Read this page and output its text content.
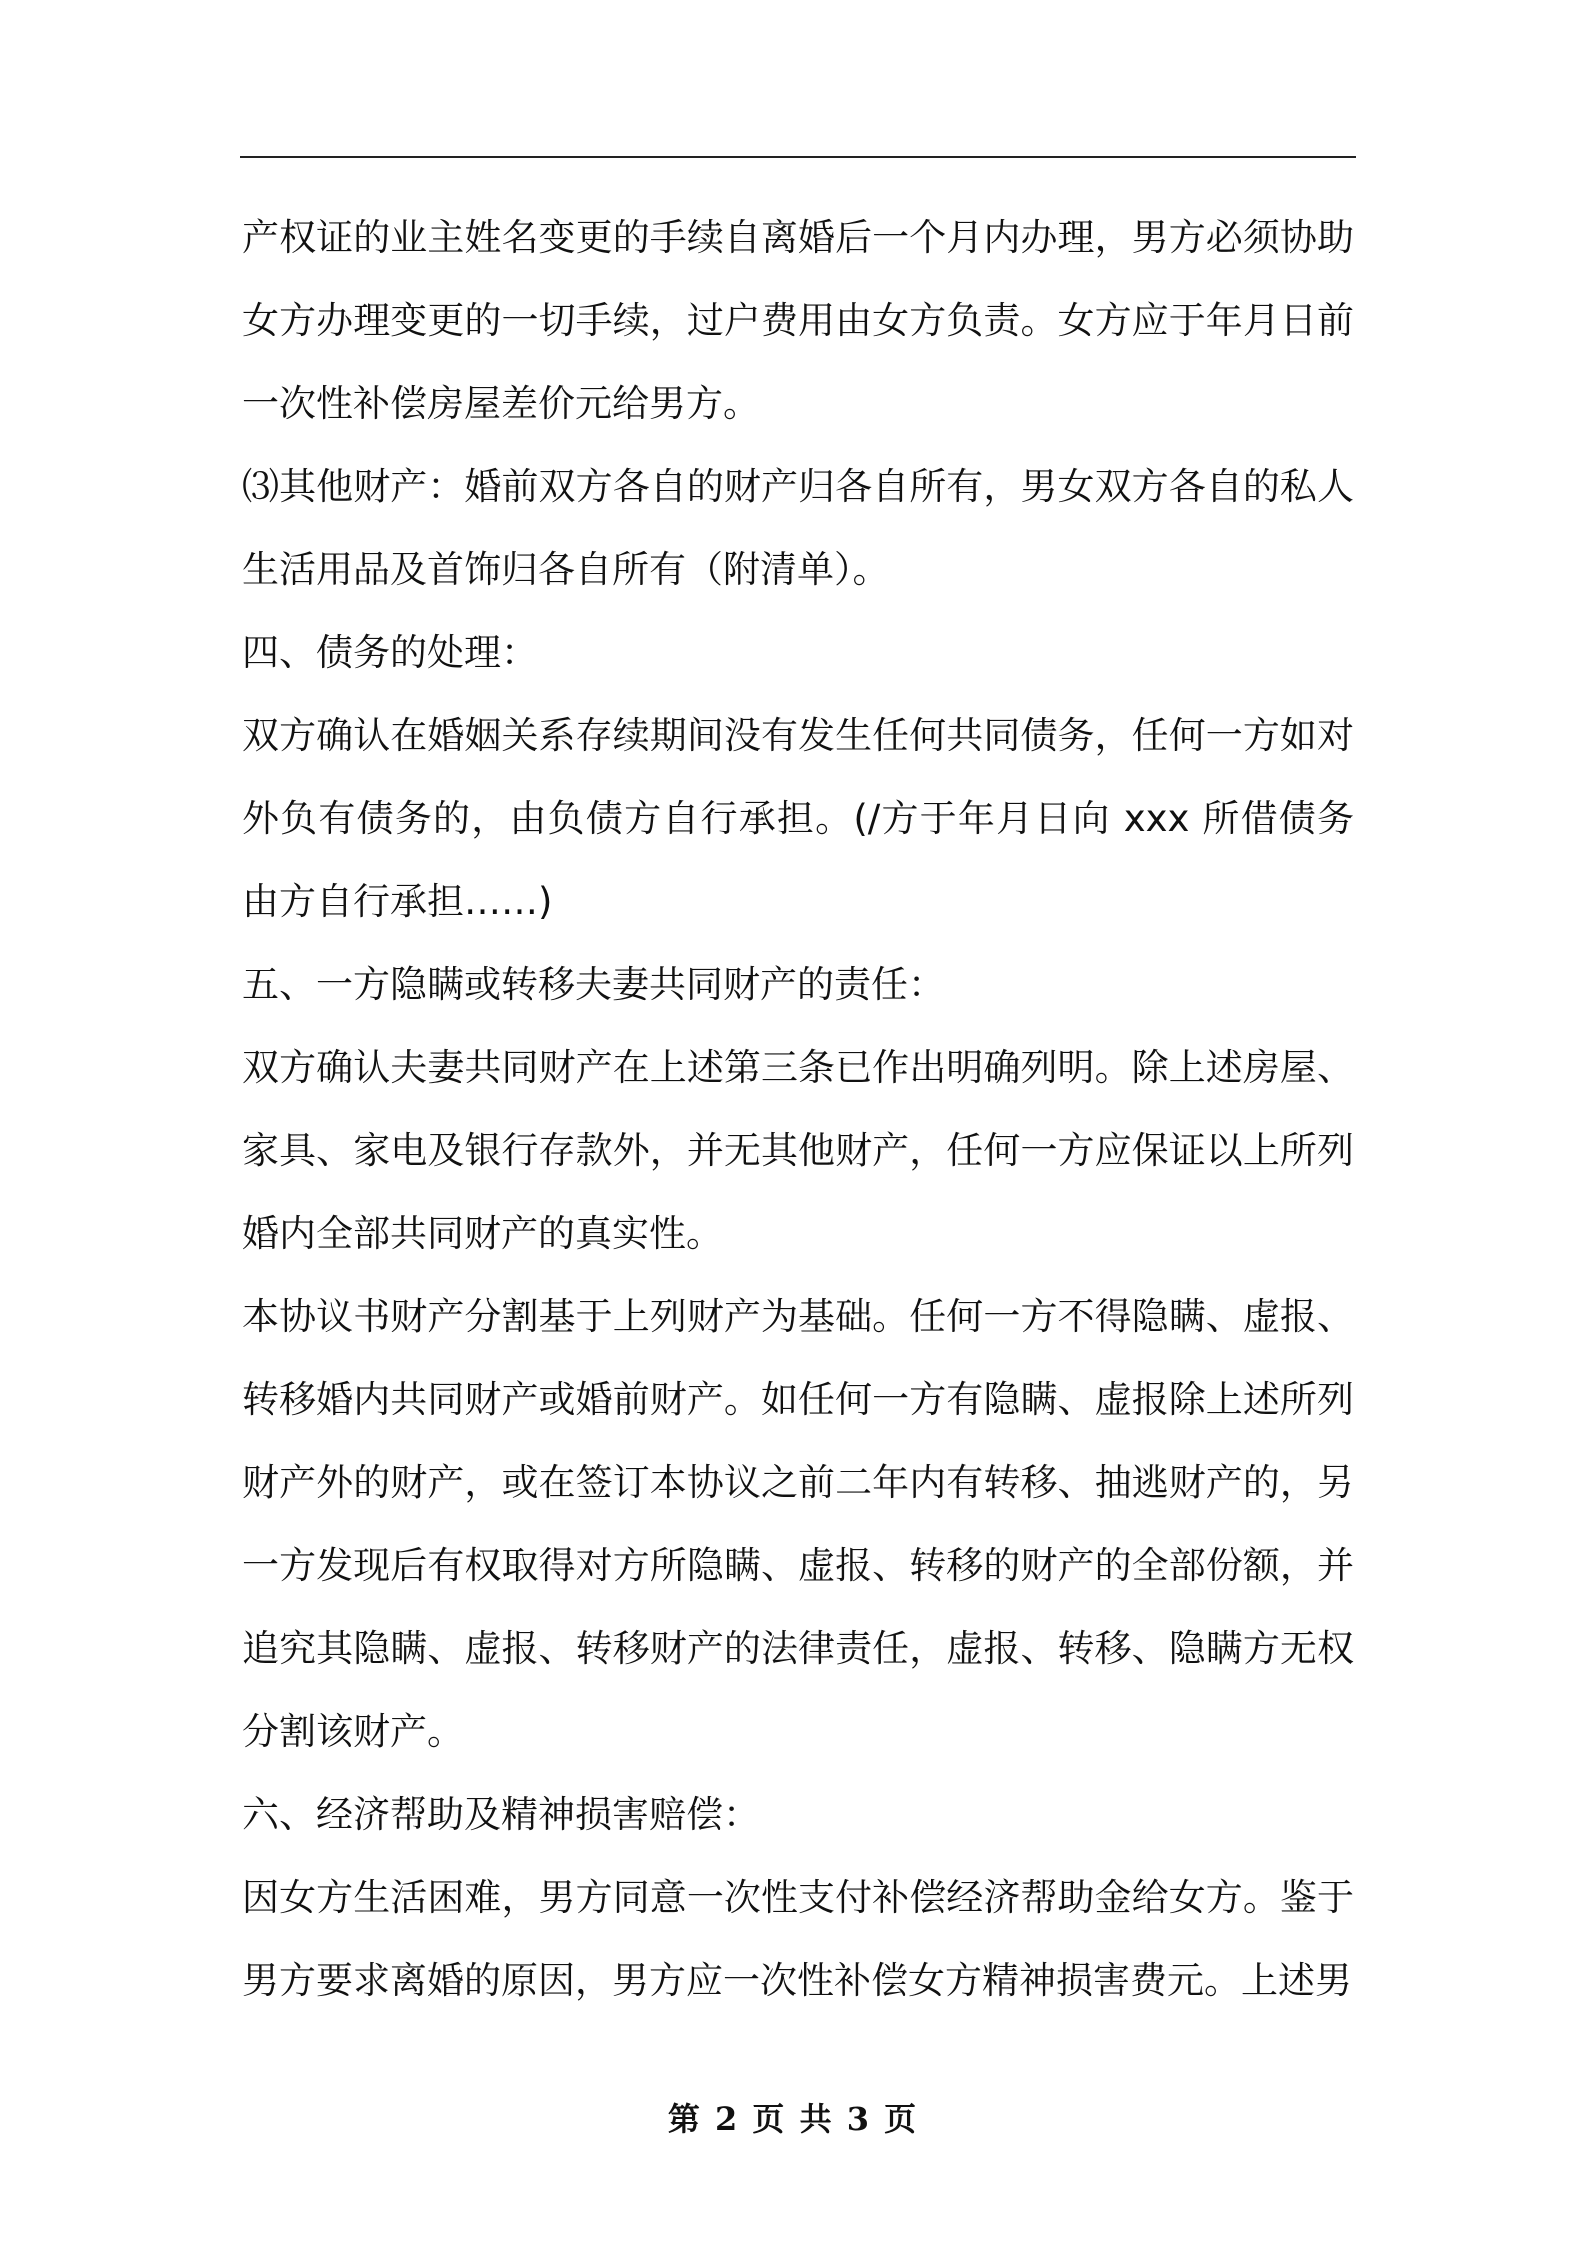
产权证的业主姓名变更的手续自离婚后一个月内办理，男方必须协助女方办理变更的一切手续，过户费用由女方负责。女方应于年月日前一次性补偿房屋差价元给男方。

⑶其他财产：婚前双方各自的财产归各自所有，男女双方各自的私人生活用品及首饰归各自所有（附清单）。

四、债务的处理：

双方确认在婚姻关系存续期间没有发生任何共同债务，任何一方如对外负有债务的，由负债方自行承担。(/方于年月日向 xxx 所借债务由方自行承担……)

五、一方隐瞒或转移夫妻共同财产的责任：

双方确认夫妻共同财产在上述第三条已作出明确列明。除上述房屋、家具、家电及银行存款外，并无其他财产，任何一方应保证以上所列婚内全部共同财产的真实性。

本协议书财产分割基于上列财产为基础。任何一方不得隐瞒、虚报、转移婚内共同财产或婚前财产。如任何一方有隐瞒、虚报除上述所列财产外的财产，或在签订本协议之前二年内有转移、抽逃财产的，另一方发现后有权取得对方所隐瞒、虚报、转移的财产的全部份额，并追究其隐瞒、虚报、转移财产的法律责任，虚报、转移、隐瞒方无权分割该财产。

六、经济帮助及精神损害赔偿：

因女方生活困难，男方同意一次性支付补偿经济帮助金给女方。鉴于男方要求离婚的原因，男方应一次性补偿女方精神损害费元。上述男

第 2 页 共 3 页
